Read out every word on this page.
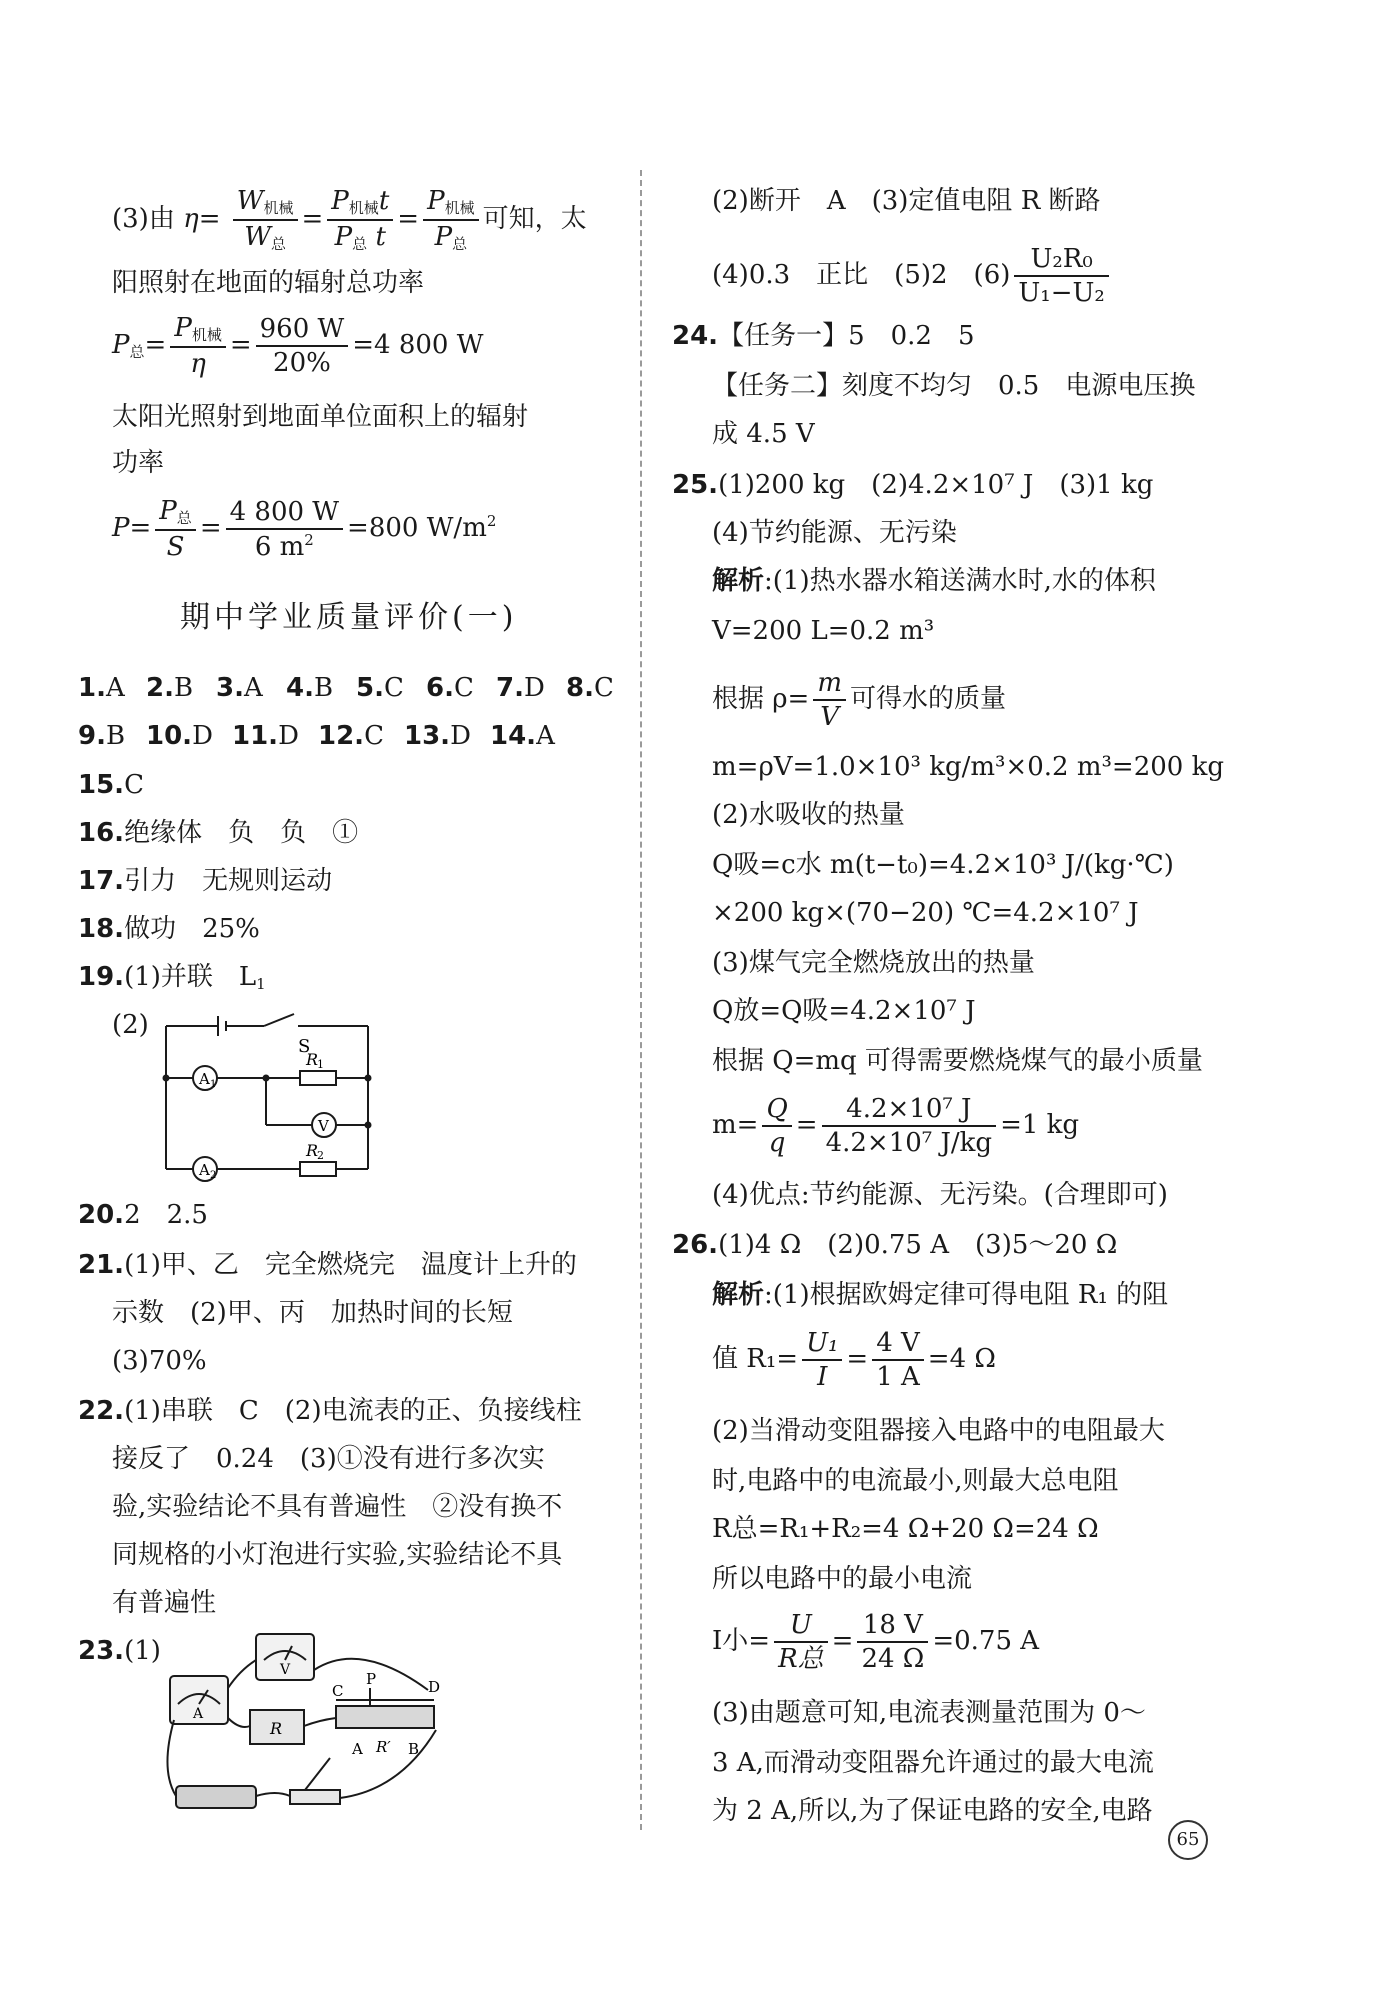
(3)由 $\eta= \frac{W_{机械}}{W_总} = \frac{P_{机械}t}{P_总 t} = \frac{P_{机械}}{P_总}$ 可知，太
阳照射在地面的辐射总功率
$P_总= \frac{P_{机械}}{\eta} = \frac{960 W}{20\%} =4$ 800 W
太阳光照射到地面单位面积上的辐射
功率
$P= \frac{P_总}{S} = \frac{4 800 W}{6 m^2} =800$ $W/m^2$
期中学业质量评价(一)
1.A 2.B 3.A 4.B 5.C 6.C 7.D 8.C
9.B 10.D 11.D 12.C 13.D 14.A
15.C
16.绝缘体　负　负　①
17.引力　无规则运动
18.做功　25%
19.(1)并联　$L_1$
(2)
S
R
1
R
2
A 1
A 2
V
20.2　2.5
21.(1)甲、乙　完全燃烧完　温度计上升的
示数　(2)甲、丙　加热时间的长短
(3)70%
22.(1)串联　C　(2)电流表的正、负接线柱
接反了　0.24　(3)①没有进行多次实
验,实验结论不具有普遍性　②没有换不
同规格的小灯泡进行实验,实验结论不具
有普遍性
23.(1)
A
V
R
C
P	D
A R′ B
(2)断开　A　(3)定值电阻 R 断路
(4)0.3　正比　(5)2　$(6) \frac{\text{U₂R₀}}{\text{U₁−U₂}}$
24.【任务一】5　0.2　5
【任务二】刻度不均匀　0.5　电源电压换
成 4.5 V
25.(1)200 kg　(2)4.2×10⁷ J　(3)1 kg
(4)节约能源、无污染
解析:(1)热水器水箱送满水时,水的体积
V=200 L=0.2 m³
根据 $\rho= \frac{m}{V}$ 可得水的质量
m=ρV=1.0×10³ kg/m³×0.2 m³=200 kg
(2)水吸收的热量
Q吸=c水 m(t−t₀)=4.2×10³ J/(kg·℃)
×200 kg×(70−20) ℃=4.2×10⁷ J
(3)煤气完全燃烧放出的热量
Q放=Q吸=4.2×10⁷ J
根据 Q=mq 可得需要燃烧煤气的最小质量
$m= \frac{Q}{q} = \frac{\text{4.2×10⁷ J}}{\text{4.2×10⁷ J/kg}} =1$ kg
(4)优点:节约能源、无污染。(合理即可)
26.(1)4 Ω　(2)0.75 A　(3)5～20 Ω
解析:(1)根据欧姆定律可得电阻 R₁ 的阻
值 $R_1= \frac{\text{U₁}}{I} = \frac{4 V}{1 A} =4$ Ω
(2)当滑动变阻器接入电路中的电阻最大
时,电路中的电流最小,则最大总电阻
R总=R₁+R₂=4 Ω+20 Ω=24 Ω
所以电路中的最小电流
I小= $\frac{U}{\text{R总}} = \frac{18 V}{24 \Omega} =0.75$ A
(3)由题意可知,电流表测量范围为 0～
3 A,而滑动变阻器允许通过的最大电流
为 2 A,所以,为了保证电路的安全,电路
65
